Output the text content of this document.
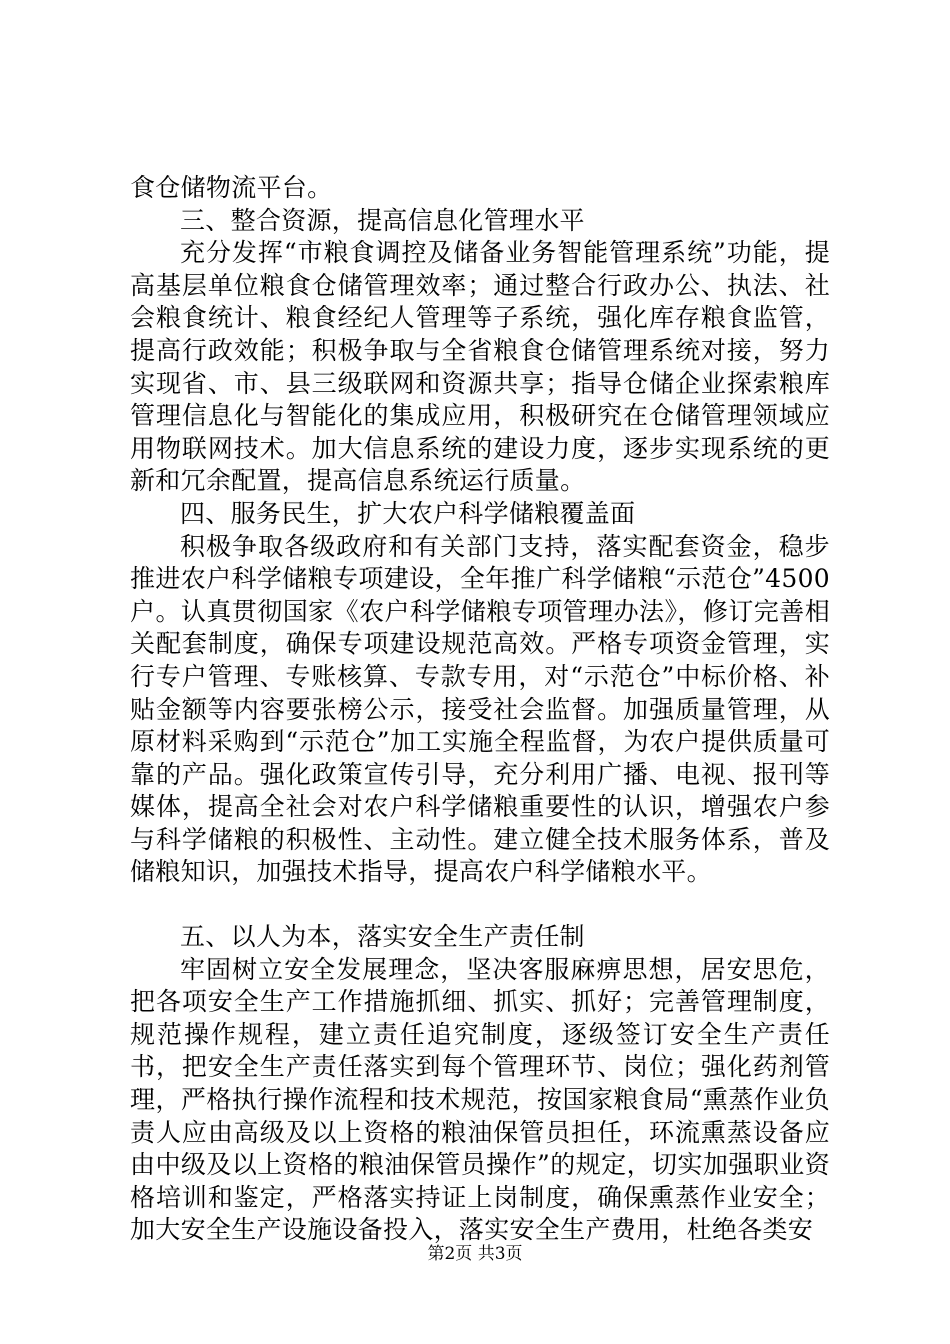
食仓储物流平台。

三、整合资源，提高信息化管理水平

充分发挥“市粮食调控及储备业务智能管理系统”功能，提高基层单位粮食仓储管理效率；通过整合行政办公、执法、社会粮食统计、粮食经纪人管理等子系统，强化库存粮食监管，提高行政效能；积极争取与全省粮食仓储管理系统对接，努力实现省、市、县三级联网和资源共享；指导仓储企业探索粮库管理信息化与智能化的集成应用，积极研究在仓储管理领域应用物联网技术。加大信息系统的建设力度，逐步实现系统的更新和冗余配置，提高信息系统运行质量。

四、服务民生，扩大农户科学储粮覆盖面

积极争取各级政府和有关部门支持，落实配套资金，稳步推进农户科学储粮专项建设，全年推广科学储粮“示范仓”4500户。认真贯彻国家《农户科学储粮专项管理办法》，修订完善相关配套制度，确保专项建设规范高效。严格专项资金管理，实行专户管理、专账核算、专款专用，对“示范仓”中标价格、补贴金额等内容要张榜公示，接受社会监督。加强质量管理，从原材料采购到“示范仓”加工实施全程监督，为农户提供质量可靠的产品。强化政策宣传引导，充分利用广播、电视、报刊等媒体，提高全社会对农户科学储粮重要性的认识，增强农户参与科学储粮的积极性、主动性。建立健全技术服务体系，普及储粮知识，加强技术指导，提高农户科学储粮水平。

五、以人为本，落实安全生产责任制

牢固树立安全发展理念，坚决客服麻痹思想，居安思危，把各项安全生产工作措施抓细、抓实、抓好；完善管理制度，规范操作规程，建立责任追究制度，逐级签订安全生产责任书，把安全生产责任落实到每个管理环节、岗位；强化药剂管理，严格执行操作流程和技术规范，按国家粮食局“熏蒸作业负责人应由高级及以上资格的粮油保管员担任，环流熏蒸设备应由中级及以上资格的粮油保管员操作”的规定，切实加强职业资格培训和鉴定，严格落实持证上岗制度，确保熏蒸作业安全；加大安全生产设施设备投入，落实安全生产费用，杜绝各类安

第2页 共3页
